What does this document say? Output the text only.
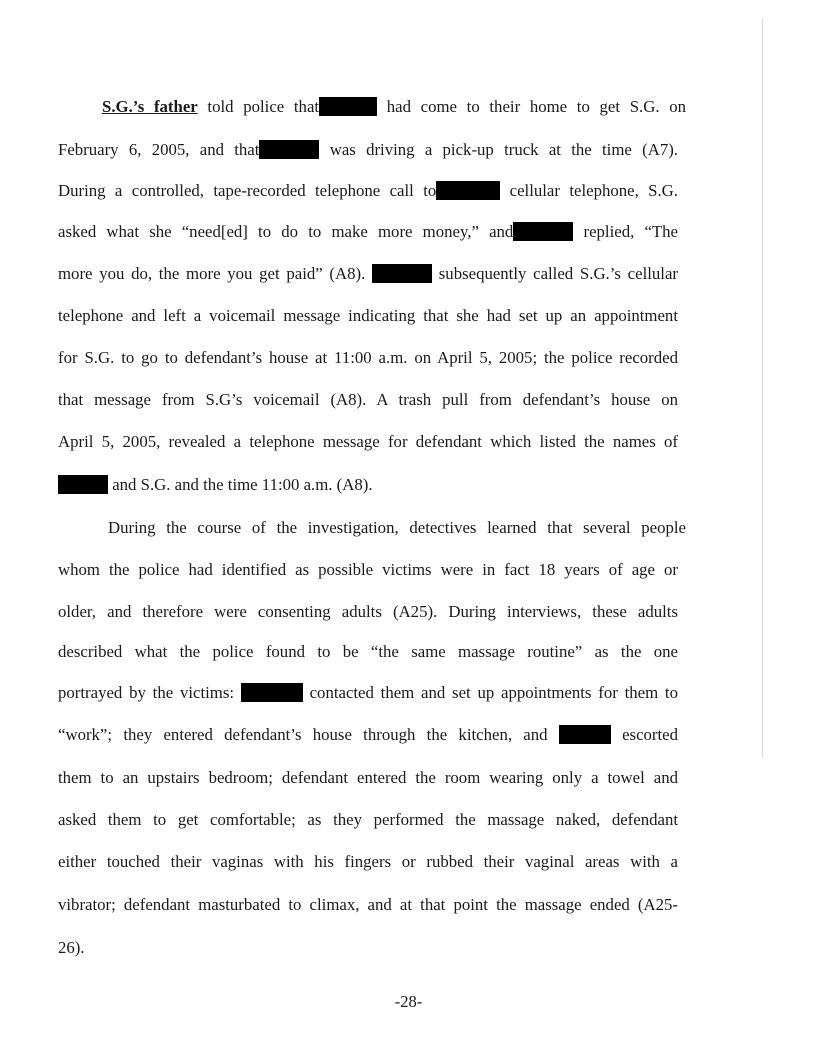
S.G.’s father told police that	had come to their home to get S.G. on
February 6, 2005, and that	was driving a pick-up truck at the time (A7).
During a controlled, tape-recorded telephone call to	cellular telephone, S.G.
asked what she “need[ed] to do to make more money,” and	replied, “The
more you do, the more you get paid” (A8).	subsequently called S.G.’s cellular
telephone and left a voicemail message indicating that she had set up an appointment
for S.G. to go to defendant’s house at 11:00 a.m. on April 5, 2005; the police recorded
that message from S.G’s voicemail (A8). A trash pull from defendant’s house on
April 5, 2005, revealed a telephone message for defendant which listed the names of
and S.G. and the time 11:00 a.m. (A8).
During the course of the investigation, detectives learned that several people
whom the police had identified as possible victims were in fact 18 years of age or
older, and therefore were consenting adults (A25). During interviews, these adults
described what the police found to be “the same massage routine” as the one
portrayed by the victims:	contacted them and set up appointments for them to
“work”; they entered defendant’s house through the kitchen, and	escorted
them to an upstairs bedroom; defendant entered the room wearing only a towel and
asked them to get comfortable; as they performed the massage naked, defendant
either touched their vaginas with his fingers or rubbed their vaginal areas with a
vibrator; defendant masturbated to climax, and at that point the massage ended (A25-
26).
-28-
